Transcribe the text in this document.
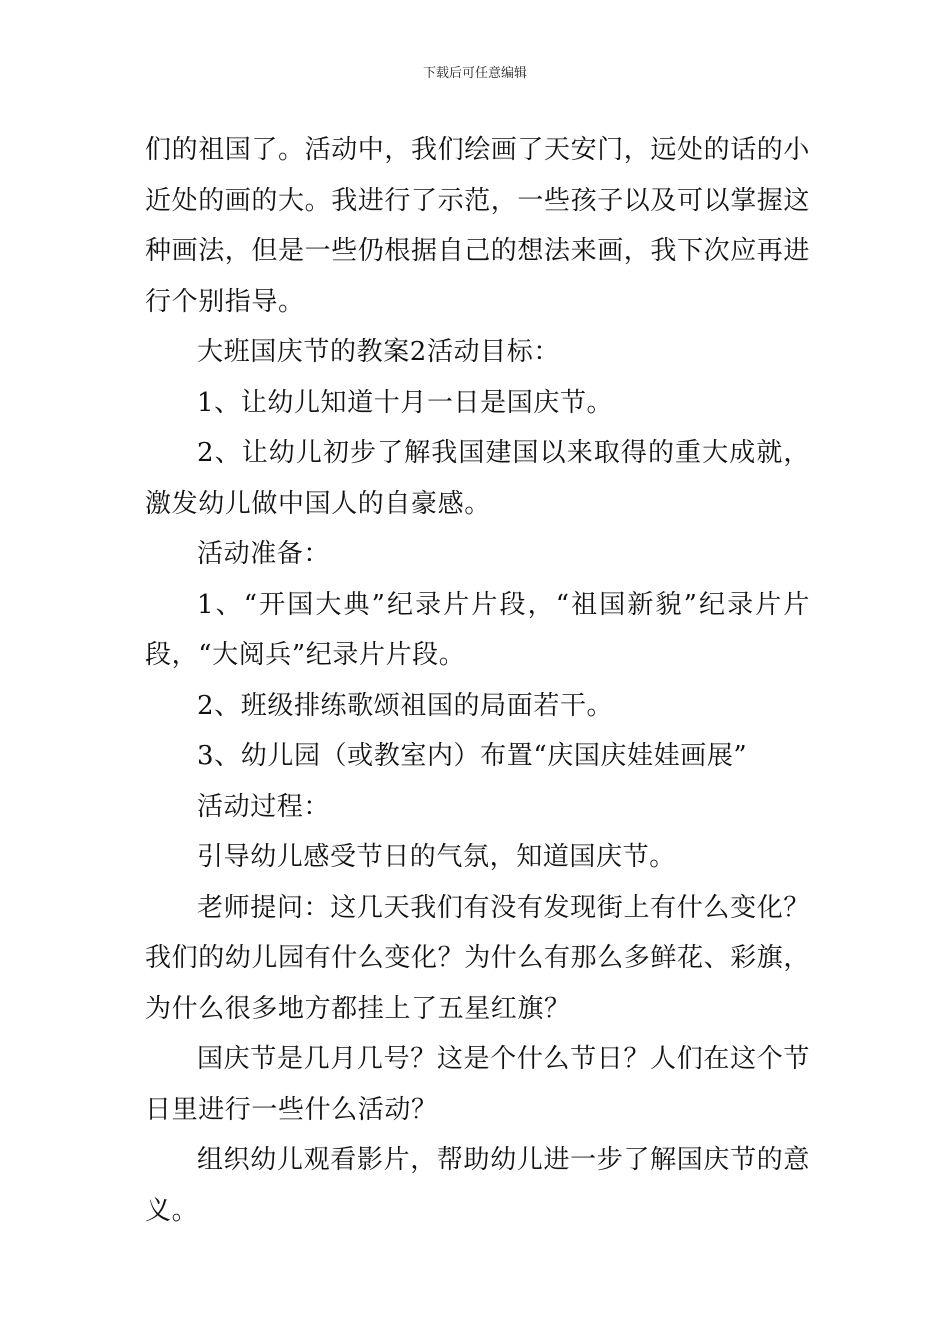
下载后可任意编辑

们的祖国了。活动中，我们绘画了天安门，远处的话的小近处的画的大。我进行了示范，一些孩子以及可以掌握这种画法，但是一些仍根据自己的想法来画，我下次应再进行个别指导。

大班国庆节的教案2活动目标：

1、让幼儿知道十月一日是国庆节。

2、让幼儿初步了解我国建国以来取得的重大成就，激发幼儿做中国人的自豪感。

活动准备：

1、“开国大典”纪录片片段，“祖国新貌”纪录片片段，“大阅兵”纪录片片段。

2、班级排练歌颂祖国的局面若干。

3、幼儿园（或教室内）布置“庆国庆娃娃画展”

活动过程：

引导幼儿感受节日的气氛，知道国庆节。

老师提问：这几天我们有没有发现街上有什么变化？我们的幼儿园有什么变化？为什么有那么多鲜花、彩旗，为什么很多地方都挂上了五星红旗？

国庆节是几月几号？这是个什么节日？人们在这个节日里进行一些什么活动？

组织幼儿观看影片，帮助幼儿进一步了解国庆节的意义。
